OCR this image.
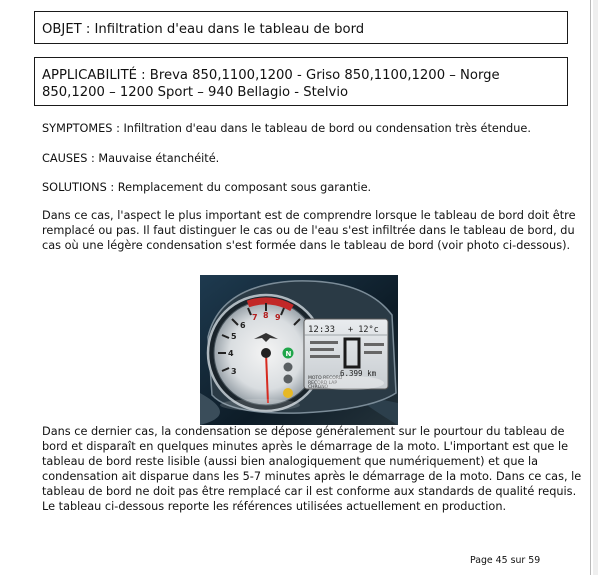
OBJET : Infiltration d'eau dans le tableau de bord
APPLICABILITÉ : Breva 850,1100,1200 - Griso 850,1100,1200 – Norge
850,1200 – 1200 Sport – 940 Bellagio - Stelvio
SYMPTOMES : Infiltration d'eau dans le tableau de bord ou condensation très étendue.
CAUSES : Mauvaise étanchéité.
SOLUTIONS : Remplacement du composant sous garantie.
Dans ce cas, l'aspect le plus important est de comprendre lorsque le tableau de bord doit être
remplacé ou pas. Il faut distinguer le cas ou de l'eau s'est infiltrée dans le tableau de bord, du
cas où une légère condensation s'est formée dans le tableau de bord (voir photo ci-dessous).
3
4
5
6
7 8 9
N
12:33 + 12°c
6.399 km
MOTO RECORD
RECORD LAP
CHRONO
Dans ce dernier cas, la condensation se dépose généralement sur le pourtour du tableau de
bord et disparaît en quelques minutes après le démarrage de la moto. L'important est que le
tableau de bord reste lisible (aussi bien analogiquement que numériquement) et que la
condensation ait disparue dans les 5-7 minutes après le démarrage de la moto. Dans ce cas, le
tableau de bord ne doit pas être remplacé car il est conforme aux standards de qualité requis.
Le tableau ci-dessous reporte les références utilisées actuellement en production.
Page 45 sur 59
